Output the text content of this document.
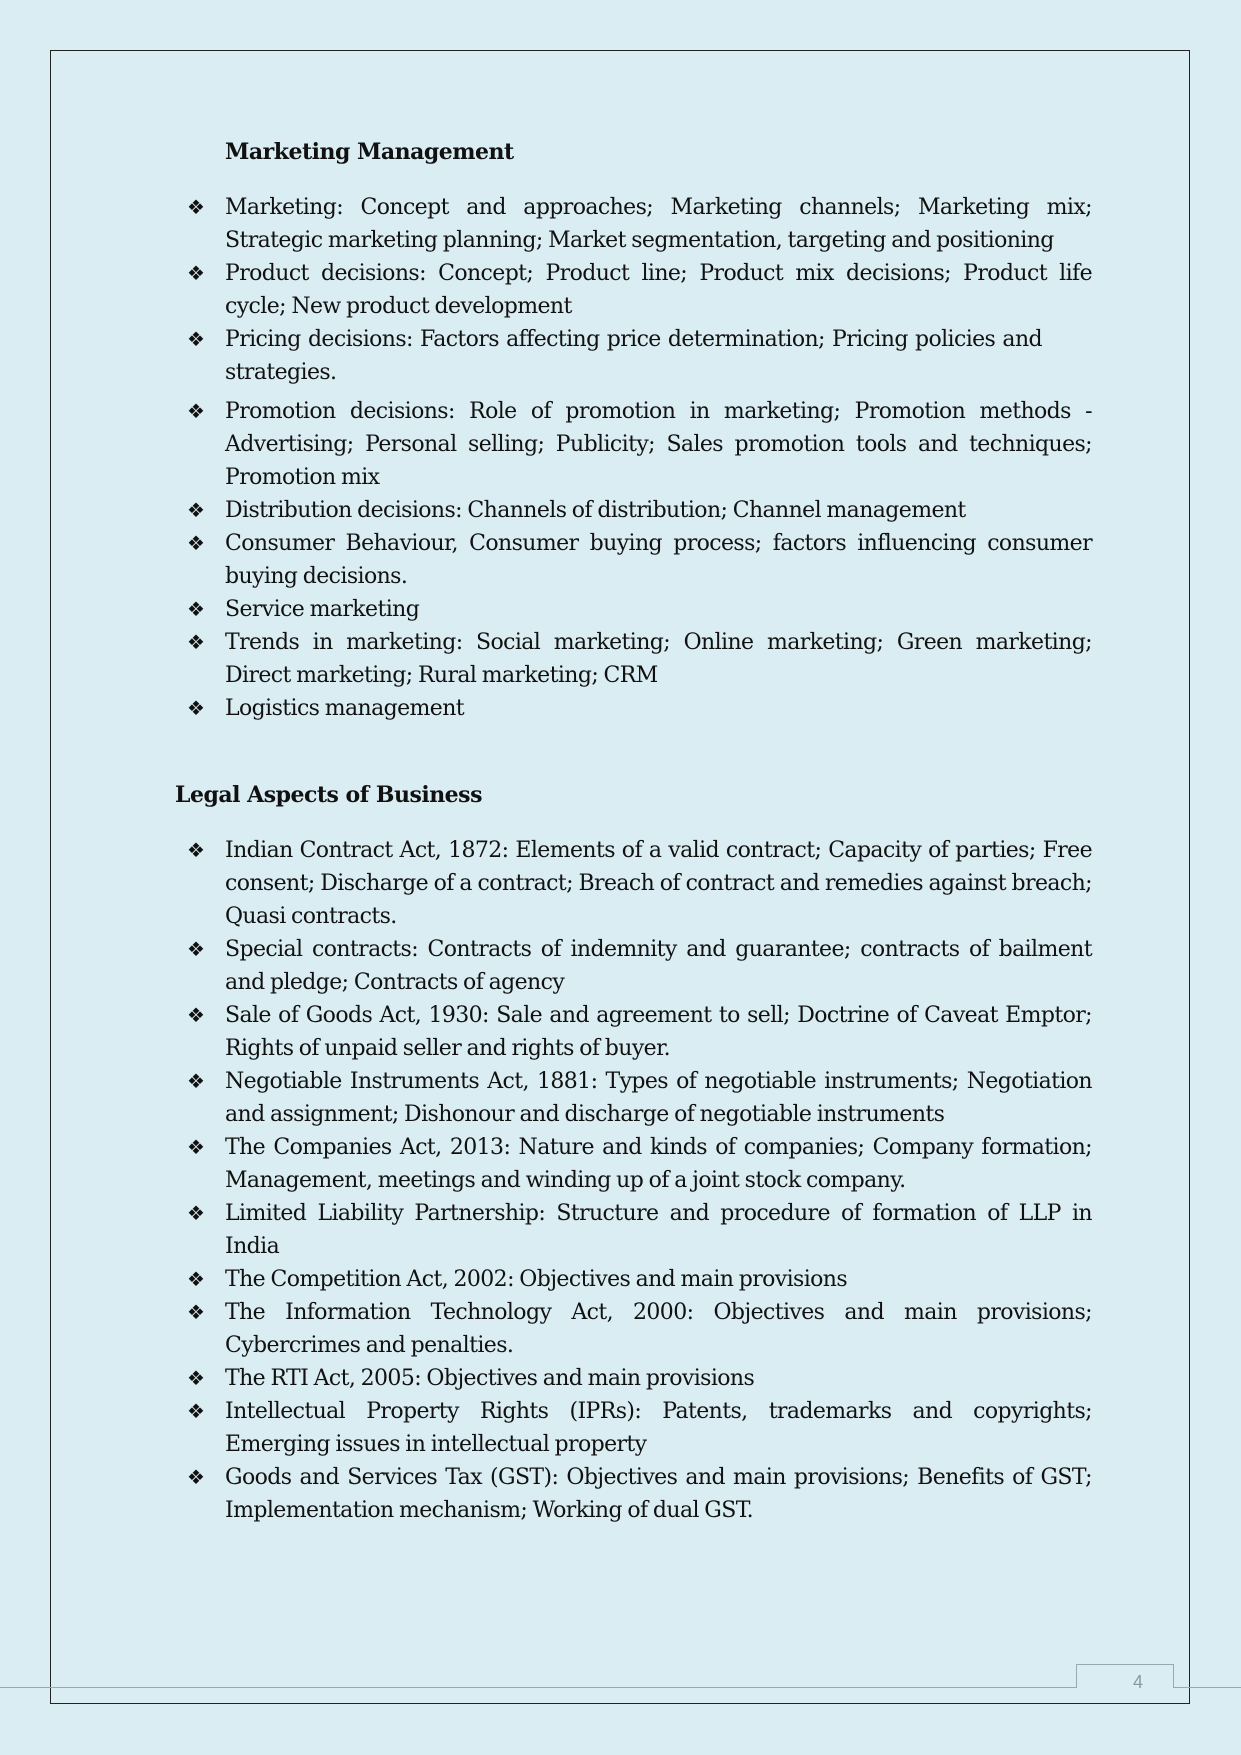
Marketing Management
❖ Marketing: Concept and approaches; Marketing channels; Marketing mix; Strategic marketing planning; Market segmentation, targeting and positioning
❖ Product decisions: Concept; Product line; Product mix decisions; Product life cycle; New product development
❖ Pricing decisions: Factors affecting price determination; Pricing policies and strategies.
❖ Promotion decisions: Role of promotion in marketing; Promotion methods - Advertising; Personal selling; Publicity; Sales promotion tools and techniques; Promotion mix
❖ Distribution decisions: Channels of distribution; Channel management
❖ Consumer Behaviour, Consumer buying process; factors influencing consumer buying decisions.
❖ Service marketing
❖ Trends in marketing: Social marketing; Online marketing; Green marketing; Direct marketing; Rural marketing; CRM
❖ Logistics management
Legal Aspects of Business
❖ Indian Contract Act, 1872: Elements of a valid contract; Capacity of parties; Free consent; Discharge of a contract; Breach of contract and remedies against breach; Quasi contracts.
❖ Special contracts: Contracts of indemnity and guarantee; contracts of bailment and pledge; Contracts of agency
❖ Sale of Goods Act, 1930: Sale and agreement to sell; Doctrine of Caveat Emptor; Rights of unpaid seller and rights of buyer.
❖ Negotiable Instruments Act, 1881: Types of negotiable instruments; Negotiation and assignment; Dishonour and discharge of negotiable instruments
❖ The Companies Act, 2013: Nature and kinds of companies; Company formation; Management, meetings and winding up of a joint stock company.
❖ Limited Liability Partnership: Structure and procedure of formation of LLP in India
❖ The Competition Act, 2002: Objectives and main provisions
❖ The Information Technology Act, 2000: Objectives and main provisions; Cybercrimes and penalties.
❖ The RTI Act, 2005: Objectives and main provisions
❖ Intellectual Property Rights (IPRs): Patents, trademarks and copyrights; Emerging issues in intellectual property
❖ Goods and Services Tax (GST): Objectives and main provisions; Benefits of GST; Implementation mechanism; Working of dual GST.
4
